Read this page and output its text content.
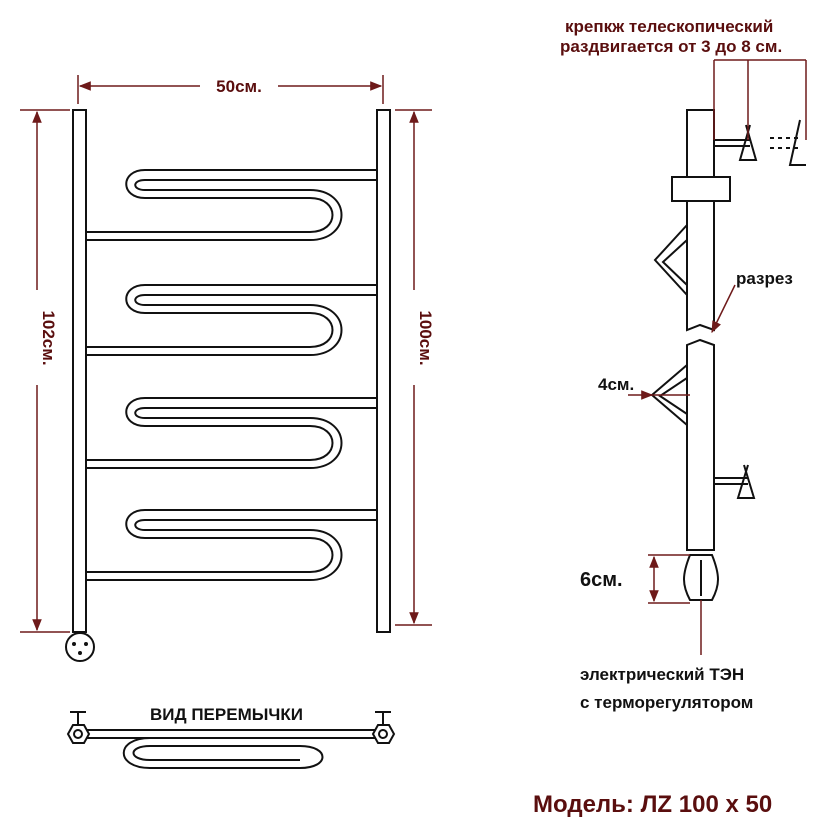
50см.
102см.	100см.
ВИД ПЕРЕМЫЧКИ
крепкж телескопический
раздвигается от 3 до 8 см.
разрез
4см.
6см.
электрический ТЭН
с терморегулятором
Модель: ЛZ 100 x 50
